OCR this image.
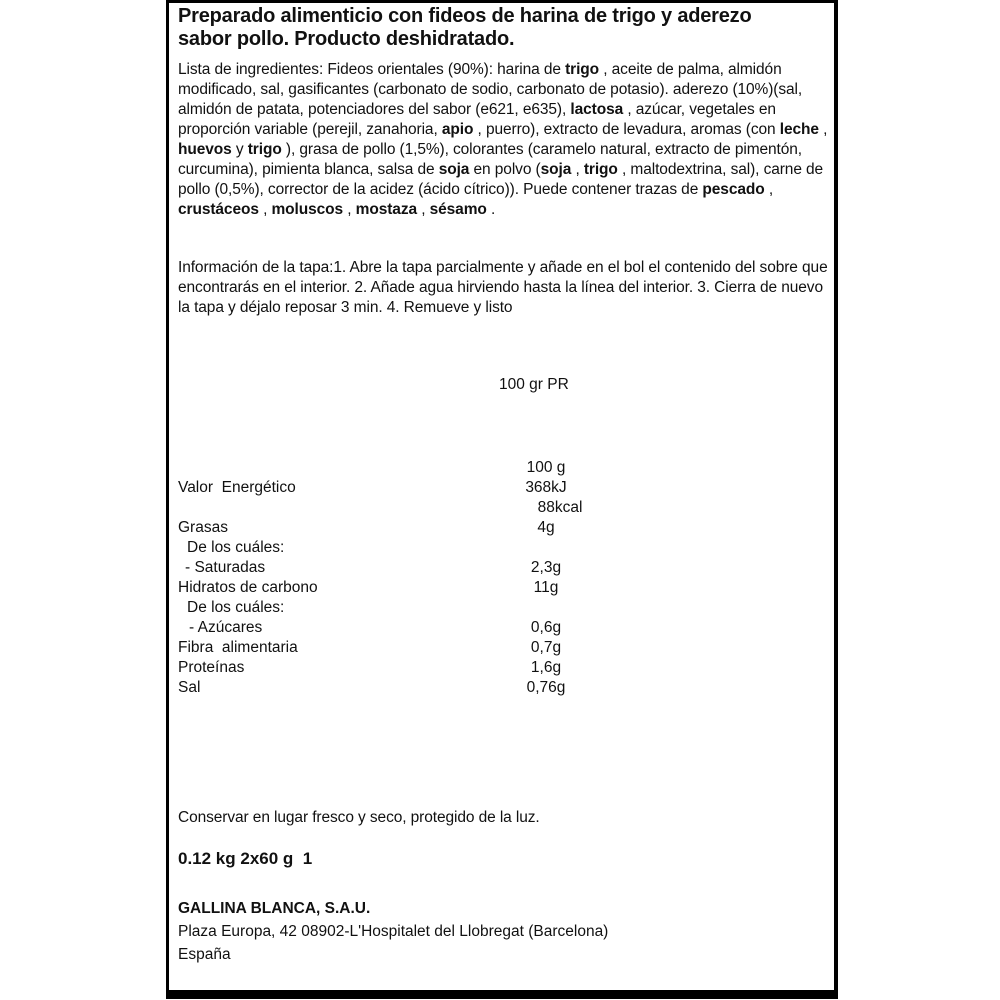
Preparado alimenticio con fideos de harina de trigo y aderezo
sabor pollo. Producto deshidratado.
Lista de ingredientes: Fideos orientales (90%): harina de trigo , aceite de palma, almidón modificado, sal, gasificantes (carbonato de sodio, carbonato de potasio). aderezo (10%)(sal, almidón de patata, potenciadores del sabor (e621, e635), lactosa , azúcar, vegetales en proporción variable (perejil, zanahoria, apio , puerro), extracto de levadura, aromas (con leche , huevos y trigo ), grasa de pollo (1,5%), colorantes (caramelo natural, extracto de pimentón, curcumina), pimienta blanca, salsa de soja en polvo (soja , trigo , maltodextrina, sal), carne de pollo (0,5%), corrector de la acidez (ácido cítrico)). Puede contener trazas de pescado , crustáceos , moluscos , mostaza , sésamo .
Información de la tapa:1. Abre la tapa parcialmente y añade en el bol el contenido del sobre que encontrarás en el interior. 2. Añade agua hirviendo hasta la línea del interior. 3. Cierra de nuevo la tapa y déjalo reposar 3 min. 4. Remueve y listo
100 gr PR
100 g
Valor  Energético	368kJ
88kcal
Grasas	4g
De los cuáles:
- Saturadas	2,3g
Hidratos de carbono	11g
De los cuáles:
- Azúcares	0,6g
Fibra  alimentaria	0,7g
Proteínas	1,6g
Sal	0,76g
Conservar en lugar fresco y seco, protegido de la luz.
0.12 kg 2x60 g  1
GALLINA BLANCA, S.A.U.
Plaza Europa, 42 08902-L'Hospitalet del Llobregat (Barcelona)
España
